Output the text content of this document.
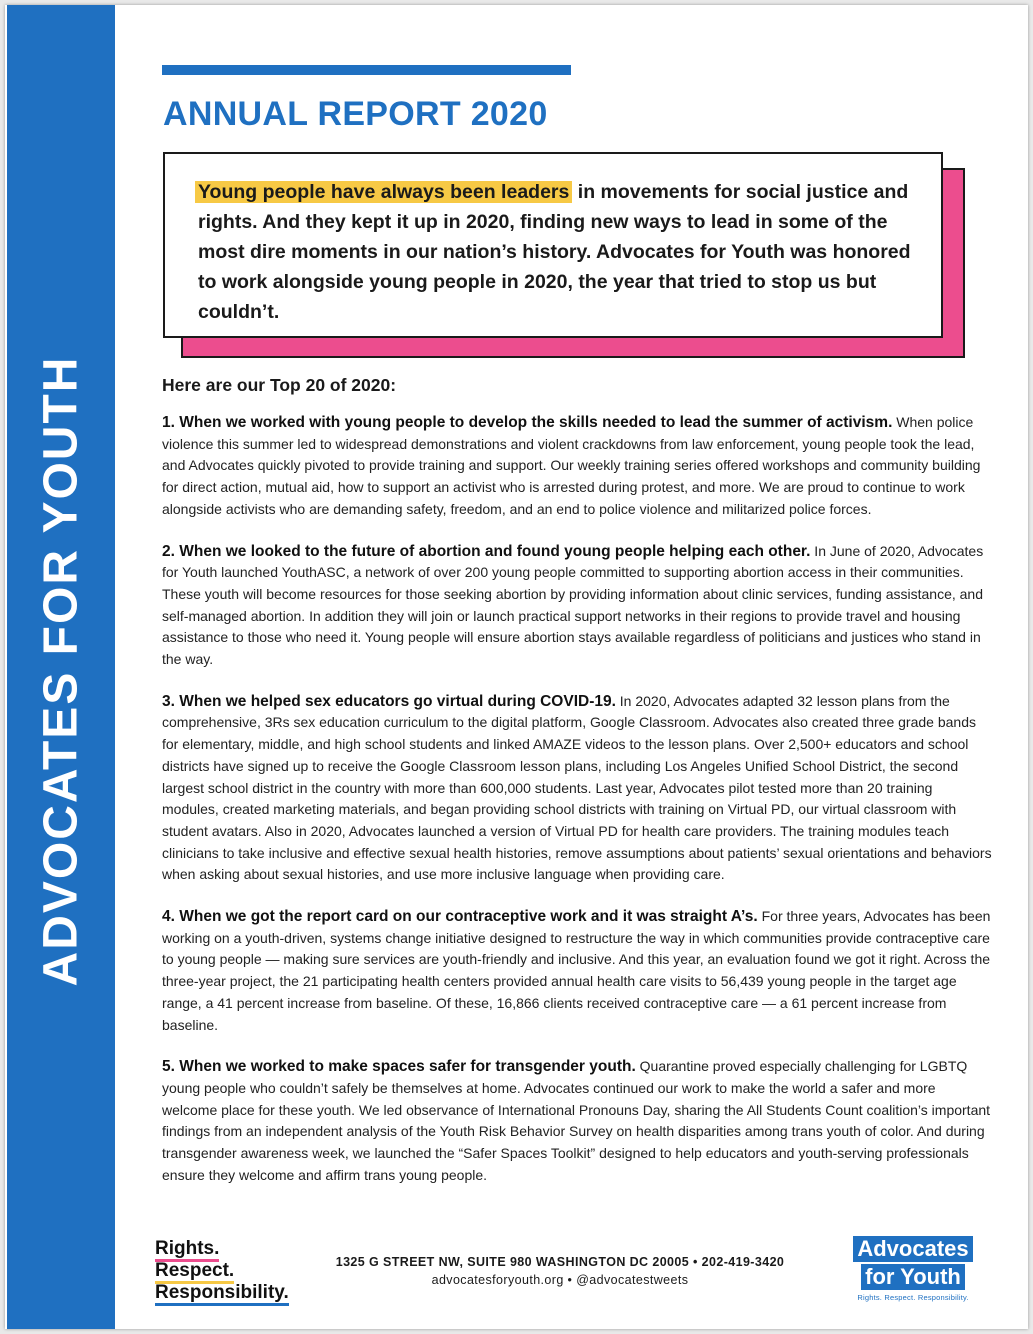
ADVOCATES FOR YOUTH
ANNUAL REPORT 2020

Young people have always been leaders in movements for social justice and rights. And they kept it up in 2020, finding new ways to lead in some of the most dire moments in our nation’s history. Advocates for Youth was honored to work alongside young people in 2020, the year that tried to stop us but couldn’t.

Here are our Top 20 of 2020:

1. When we worked with young people to develop the skills needed to lead the summer of activism. When police violence this summer led to widespread demonstrations and violent crackdowns from law enforcement, young people took the lead, and Advocates quickly pivoted to provide training and support. Our weekly training series offered workshops and community building for direct action, mutual aid, how to support an activist who is arrested during protest, and more. We are proud to continue to work alongside activists who are demanding safety, freedom, and an end to police violence and militarized police forces.

2. When we looked to the future of abortion and found young people helping each other. In June of 2020, Advocates for Youth launched YouthASC, a network of over 200 young people committed to supporting abortion access in their communities. These youth will become resources for those seeking abortion by providing information about clinic services, funding assistance, and self-managed abortion. In addition they will join or launch practical support networks in their regions to provide travel and housing assistance to those who need it. Young people will ensure abortion stays available regardless of politicians and justices who stand in the way.

3. When we helped sex educators go virtual during COVID-19. In 2020, Advocates adapted 32 lesson plans from the comprehensive, 3Rs sex education curriculum to the digital platform, Google Classroom. Advocates also created three grade bands for elementary, middle, and high school students and linked AMAZE videos to the lesson plans. Over 2,500+ educators and school districts have signed up to receive the Google Classroom lesson plans, including Los Angeles Unified School District, the second largest school district in the country with more than 600,000 students. Last year, Advocates pilot tested more than 20 training modules, created marketing materials, and began providing school districts with training on Virtual PD, our virtual classroom with student avatars. Also in 2020, Advocates launched a version of Virtual PD for health care providers. The training modules teach clinicians to take inclusive and effective sexual health histories, remove assumptions about patients’ sexual orientations and behaviors when asking about sexual histories, and use more inclusive language when providing care.

4. When we got the report card on our contraceptive work and it was straight A’s. For three years, Advocates has been working on a youth-driven, systems change initiative designed to restructure the way in which communities provide contraceptive care to young people — making sure services are youth-friendly and inclusive. And this year, an evaluation found we got it right. Across the three-year project, the 21 participating health centers provided annual health care visits to 56,439 young people in the target age range, a 41 percent increase from baseline. Of these, 16,866 clients received contraceptive care — a 61 percent increase from baseline.

5. When we worked to make spaces safer for transgender youth. Quarantine proved especially challenging for LGBTQ young people who couldn’t safely be themselves at home. Advocates continued our work to make the world a safer and more welcome place for these youth. We led observance of International Pronouns Day, sharing the All Students Count coalition’s important findings from an independent analysis of the Youth Risk Behavior Survey on health disparities among trans youth of color. And during transgender awareness week, we launched the “Safer Spaces Toolkit” designed to help educators and youth-serving professionals ensure they welcome and affirm trans young people.

Rights.
Respect.
Responsibility.
1325 G STREET NW, SUITE 980 WASHINGTON DC 20005 • 202-419-3420
advocatesforyouth.org • @advocatestweets
Advocates
for Youth
Rights. Respect. Responsibility.
